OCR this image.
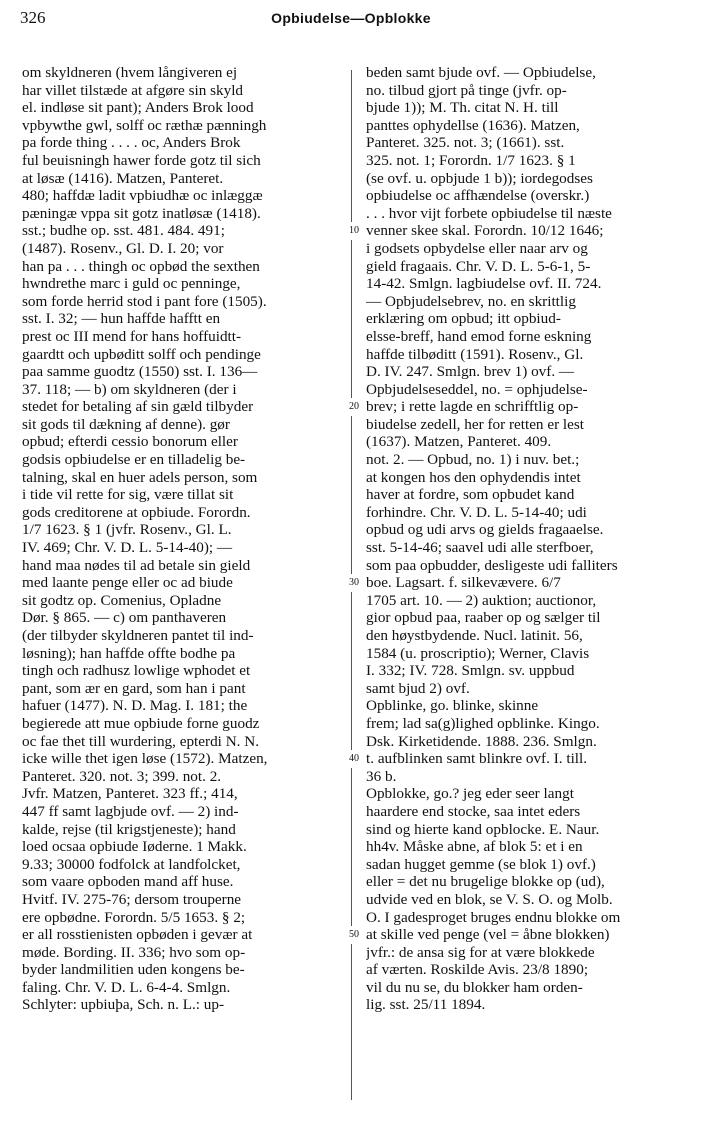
326	Opbiudelse—Opblokke
om skyldneren (hvem långiveren ej
har villet tilstæde at afgøre sin skyld
el. indløse sit pant); Anders Brok lood
vpbywthe gwl, solff oc ræthæ pænningh
pa forde thing . . . . oc, Anders Brok
ful beuisningh hawer forde gotz til sich
at løsæ (1416). Matzen, Panteret.
480; haffdæ ladit vpbiudhæ oc inlæggæ
pæningæ vppa sit gotz inatløsæ (1418).
sst.; budhe op. sst. 481. 484. 491;
(1487). Rosenv., Gl. D. I. 20; vor
han pa . . . thingh oc opbød the sexthen
hwndrethe marc i guld oc penninge,
som forde herrid stod i pant fore (1505).
sst. I. 32; — hun haffde hafftt en
prest oc III mend for hans hoffuidtt-
gaardtt och upbøditt solff och pendinge
paa samme guodtz (1550) sst. I. 136—
37. 118; — b) om skyldneren (der i
stedet for betaling af sin gæld tilbyder
sit gods til dækning af denne). gør
opbud; efterdi cessio bonorum eller
godsis opbiudelse er en tilladelig be-
talning, skal en huer adels person, som
i tide vil rette for sig, være tillat sit
gods creditorene at opbiude. Forordn.
1/7 1623. § 1 (jvfr. Rosenv., Gl. L.
IV. 469; Chr. V. D. L. 5-14-40); —
hand maa nødes til ad betale sin gield
med laante penge eller oc ad biude
sit godtz op. Comenius, Opladne
Dør. § 865. — c) om panthaveren
(der tilbyder skyldneren pantet til ind-
løsning); han haffde offte bodhe pa
tingh och radhusz lowlige wphodet et
pant, som ær en gard, som han i pant
hafuer (1477). N. D. Mag. I. 181; the
begierede att mue opbiude forne guodz
oc fae thet till wurdering, epterdi N. N.
icke wille thet igen løse (1572). Matzen,
Panteret. 320. not. 3; 399. not. 2.
Jvfr. Matzen, Panteret. 323 ff.; 414,
447 ff samt lagbjude ovf. — 2) ind-
kalde, rejse (til krigstjeneste); hand
loed ocsaa opbiude Iøderne. 1 Makk.
9.33; 30000 fodfolck at landfolcket,
som vaare opboden mand aff huse.
Hvitf. IV. 275-76; dersom trouperne
ere opbødne. Forordn. 5/5 1653. § 2;
er all rosstienisten opbøden i gevær at
møde. Bording. II. 336; hvo som op-
byder landmilitien uden kongens be-
faling. Chr. V. D. L. 6-4-4. Smlgn.
Schlyter: upbiuþa, Sch. n. L.: up-
10
20
30
40
50
beden samt bjude ovf. — Opbiudelse,
no. tilbud gjort på tinge (jvfr. op-
bjude 1)); M. Th. citat N. H. till
panttes ophydellse (1636). Matzen,
Panteret. 325. not. 3; (1661). sst.
325. not. 1; Forordn. 1/7 1623. § 1
(se ovf. u. opbjude 1 b)); iordegodses
opbiudelse oc affhændelse (overskr.)
. . . hvor vijt forbete opbiudelse til næste
venner skee skal. Forordn. 10/12 1646;
i godsets opbydelse eller naar arv og
gield fragaais. Chr. V. D. L. 5-6-1, 5-
14-42. Smlgn. lagbiudelse ovf. II. 724.
— Opbjudelsebrev, no. en skrittlig
erklæring om opbud; itt opbiud-
elsse-breff, hand emod forne eskning
haffde tilbøditt (1591). Rosenv., Gl.
D. IV. 247. Smlgn. brev 1) ovf. —
Opbjudelseseddel, no. = ophjudelse-
brev; i rette lagde en schrifftlig op-
biudelse zedell, her for retten er lest
(1637). Matzen, Panteret. 409.
not. 2. — Opbud, no. 1) i nuv. bet.;
at kongen hos den ophydendis intet
haver at fordre, som opbudet kand
forhindre. Chr. V. D. L. 5-14-40; udi
opbud og udi arvs og gields fragaaelse.
sst. 5-14-46; saavel udi alle sterfboer,
som paa opbudder, desligeste udi falliters
boe. Lagsart. f. silkevævere. 6/7
1705 art. 10. — 2) auktion; auctionor,
gior opbud paa, raaber op og sælger til
den høystbydende. Nucl. latinit. 56,
1584 (u. proscriptio); Werner, Clavis
I. 332; IV. 728. Smlgn. sv. uppbud
samt bjud 2) ovf.
Opblinke, go. blinke, skinne
frem; lad sa(g)lighed opblinke. Kingo.
Dsk. Kirketidende. 1888. 236. Smlgn.
t. aufblinken samt blinkre ovf. I. till.
36 b.
Opblokke, go.? jeg eder seer langt
haardere end stocke, saa intet eders
sind og hierte kand opblocke. E. Naur.
hh4v. Måske abne, af blok 5: et i en
sadan hugget gemme (se blok 1) ovf.)
eller = det nu brugelige blokke op (ud),
udvide ved en blok, se V. S. O. og Molb.
O. I gadesproget bruges endnu blokke om
at skille ved penge (vel = åbne blokken)
jvfr.: de ansa sig for at være blokkede
af værten. Roskilde Avis. 23/8 1890;
vil du nu se, du blokker ham orden-
lig. sst. 25/11 1894.
